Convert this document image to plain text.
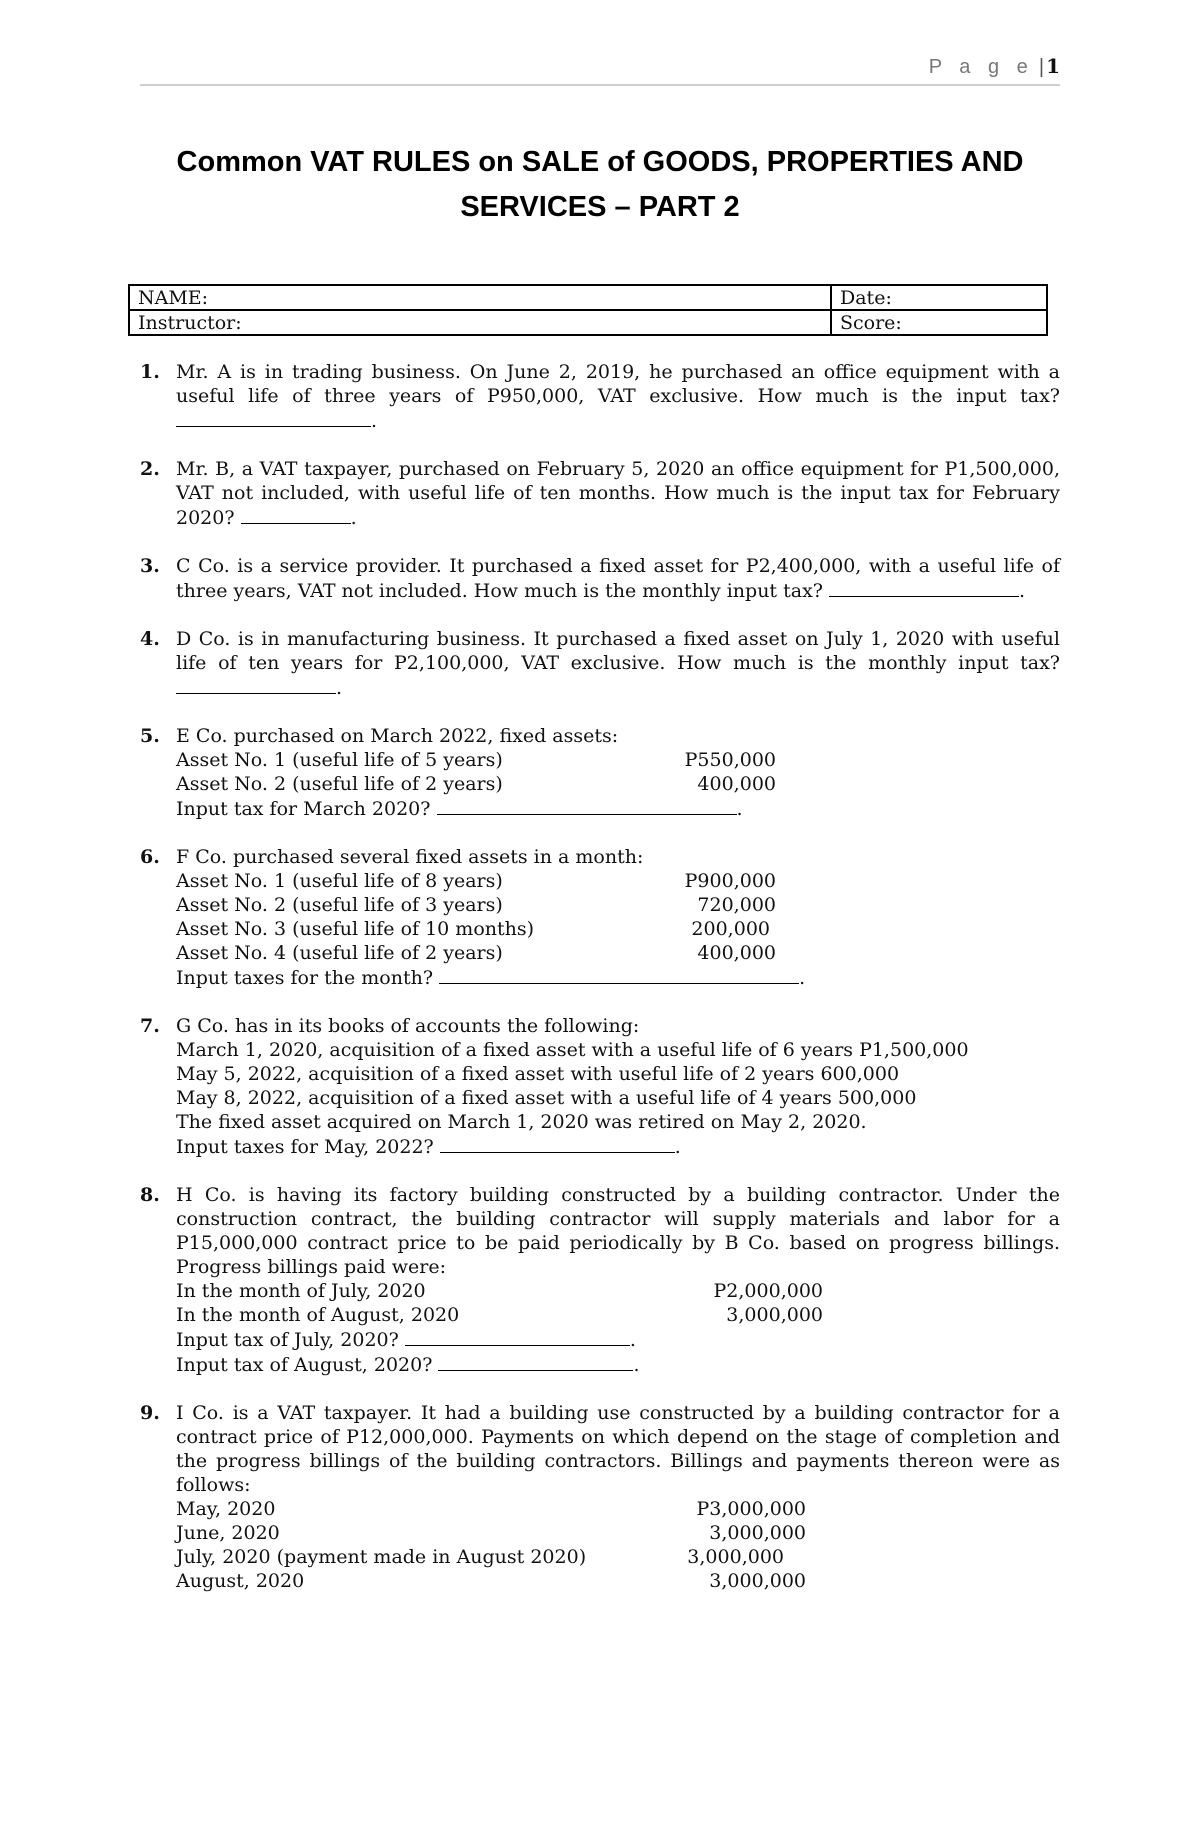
P a g e | 1
Common VAT RULES on SALE of GOODS, PROPERTIES AND
SERVICES – PART 2
NAME:	Date:
Instructor:	Score:
1. Mr. A is in trading business. On June 2, 2019, he purchased an office equipment with a useful life of three years of P950,000, VAT exclusive. How much is the input tax? .

2. Mr. B, a VAT taxpayer, purchased on February 5, 2020 an office equipment for P1,500,000, VAT not included, with useful life of ten months. How much is the input tax for February 2020?	.

3. C Co. is a service provider. It purchased a fixed asset for P2,400,000, with a useful life of three years, VAT not included. How much is the monthly input tax?	.

4. D Co. is in manufacturing business. It purchased a fixed asset on July 1, 2020 with useful life of ten years for P2,100,000, VAT exclusive. How much is the monthly input tax? .

5. E Co. purchased on March 2022, fixed assets:

Asset No. 1 (useful life of 5 years)	P550,000
Asset No. 2 (useful life of 2 years)	400,000

Input tax for March 2020?	.

6. F Co. purchased several fixed assets in a month:

Asset No. 1 (useful life of 8 years)	P900,000
Asset No. 2 (useful life of 3 years)	720,000
Asset No. 3 (useful life of 10 months)	200,000
Asset No. 4 (useful life of 2 years)	400,000

Input taxes for the month?	.

7. G Co. has in its books of accounts the following:

March 1, 2020, acquisition of a fixed asset with a useful life of 6 years P1,500,000

May 5, 2022, acquisition of a fixed asset with useful life of 2 years 600,000

May 8, 2022, acquisition of a fixed asset with a useful life of 4 years 500,000

The fixed asset acquired on March 1, 2020 was retired on May 2, 2020.

Input taxes for May, 2022?	.

8. H Co. is having its factory building constructed by a building contractor. Under the construction contract, the building contractor will supply materials and labor for a P15,000,000 contract price to be paid periodically by B Co. based on progress billings. Progress billings paid were:

In the month of July, 2020	P2,000,000
In the month of August, 2020	3,000,000

Input tax of July, 2020?	.

Input tax of August, 2020?	.

9. I Co. is a VAT taxpayer. It had a building use constructed by a building contractor for a contract price of P12,000,000. Payments on which depend on the stage of completion and the progress billings of the building contractors. Billings and payments thereon were as follows:

May, 2020	P3,000,000
June, 2020	3,000,000
July, 2020 (payment made in August 2020)	3,000,000
August, 2020	3,000,000
